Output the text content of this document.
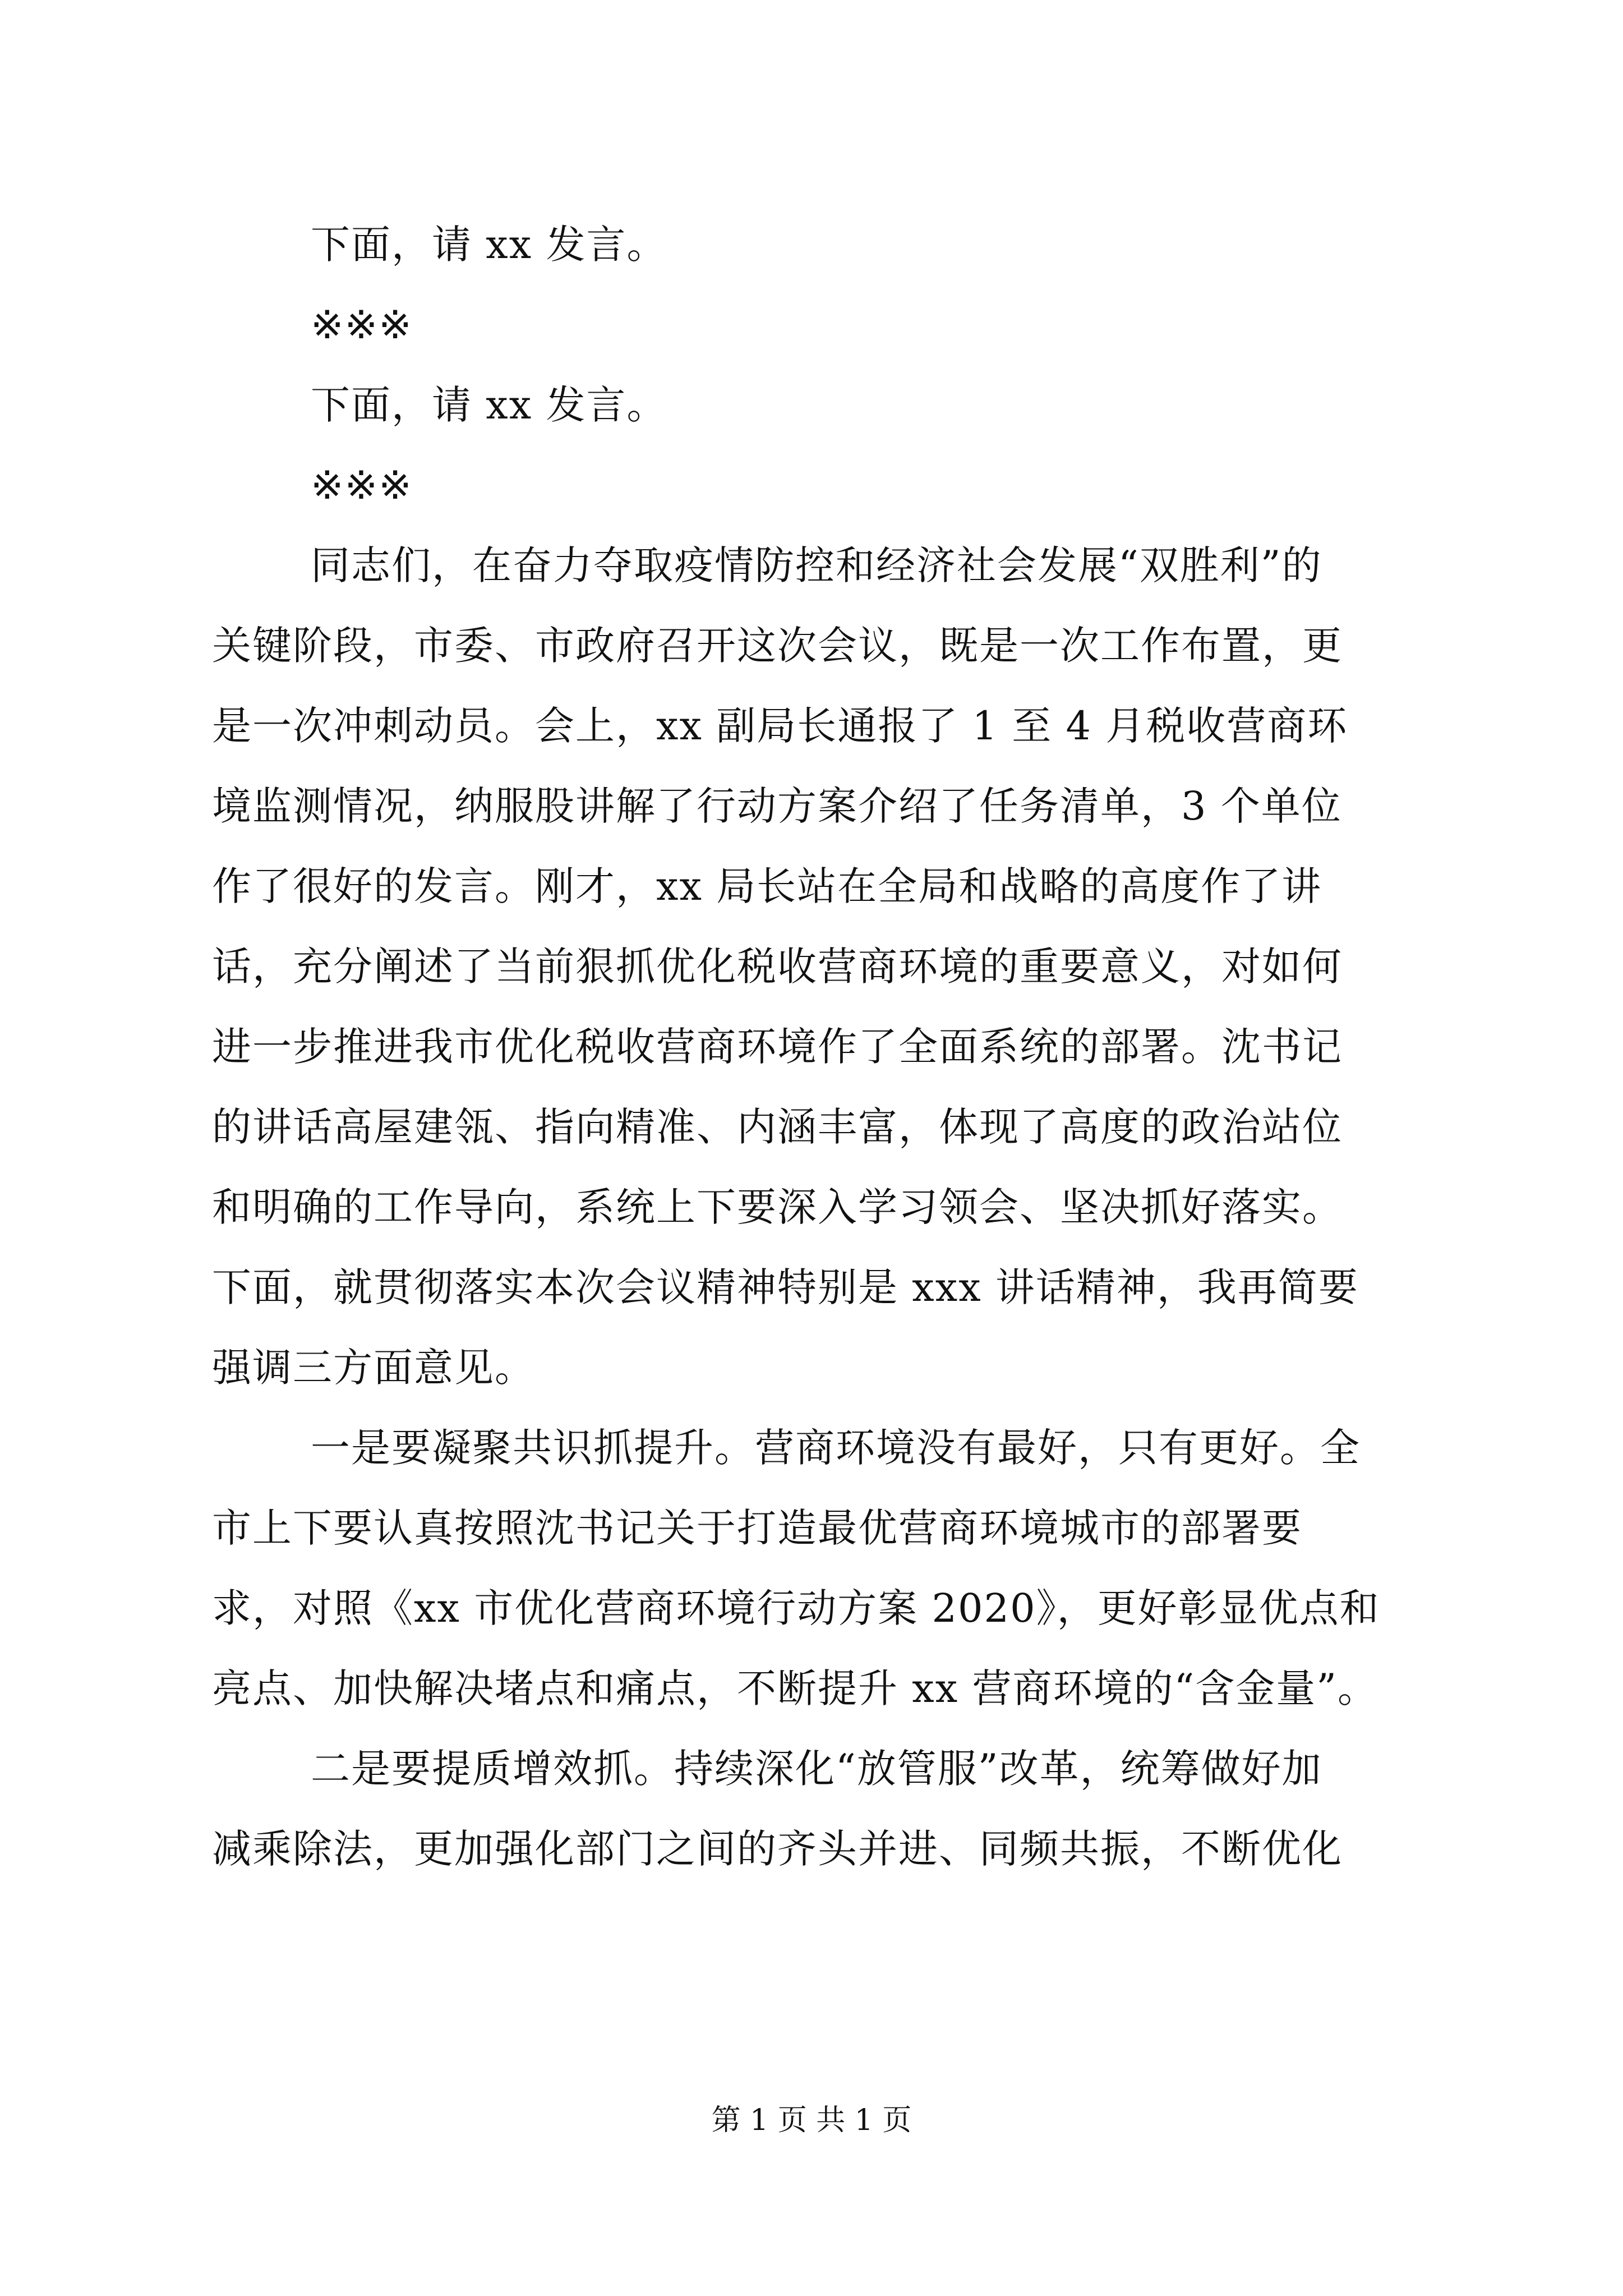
下面，请 xx 发言。
※※※
下面，请 xx 发言。
※※※
同志们，在奋力夺取疫情防控和经济社会发展“双胜利”的
关键阶段，市委、市政府召开这次会议，既是一次工作布置，更
是一次冲刺动员。会上，xx 副局长通报了 1 至 4 月税收营商环
境监测情况，纳服股讲解了行动方案介绍了任务清单，3 个单位
作了很好的发言。刚才，xx 局长站在全局和战略的高度作了讲
话，充分阐述了当前狠抓优化税收营商环境的重要意义，对如何
进一步推进我市优化税收营商环境作了全面系统的部署。沈书记
的讲话高屋建瓴、指向精准、内涵丰富，体现了高度的政治站位
和明确的工作导向，系统上下要深入学习领会、坚决抓好落实。
下面，就贯彻落实本次会议精神特别是 xxx 讲话精神，我再简要
强调三方面意见。
一是要凝聚共识抓提升。营商环境没有最好，只有更好。全
市上下要认真按照沈书记关于打造最优营商环境城市的部署要
求，对照《xx 市优化营商环境行动方案 2020》，更好彰显优点和
亮点、加快解决堵点和痛点，不断提升 xx 营商环境的“含金量”。
二是要提质增效抓。持续深化“放管服”改革，统筹做好加
减乘除法，更加强化部门之间的齐头并进、同频共振，不断优化
第 1 页 共 1 页
